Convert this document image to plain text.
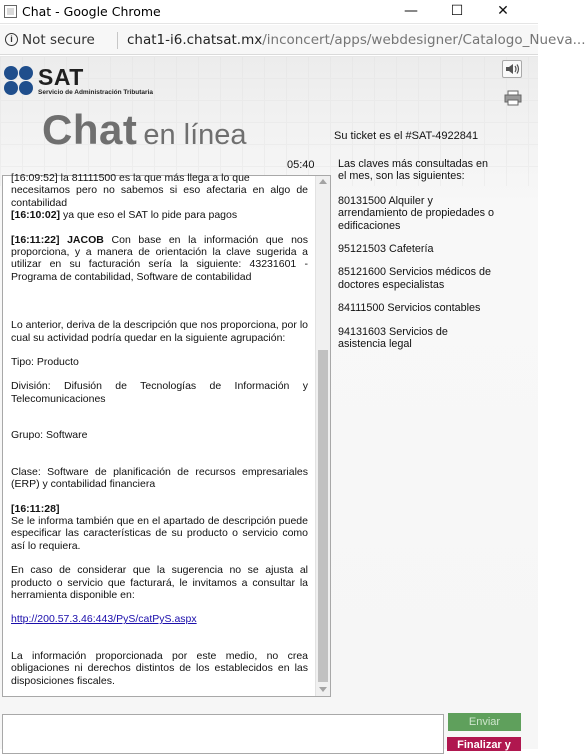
Chat - Google Chrome	—	☐	✕
i Not secure chat1-i6.chatsat.mx/inconcert/apps/webdesigner/Catalogo_Nueva...
SAT
Servicio de Administración Tributaria
Chat en línea	Su ticket es el #SAT-4922841
05:40

[16:09:52] la 81111500 es la que más llega a lo que

necesitamos pero no sabemos si eso afectaria en algo de contabilidad

[16:10:02] ya que eso el SAT lo pide para pagos

[16:11:22] JACOB Con base en la información que nos proporciona, y a manera de orientación la clave sugerida a utilizar en su facturación sería la siguiente: 43231601 - Programa de contabilidad, Software de contabilidad

Lo anterior, deriva de la descripción que nos proporciona, por lo cual su actividad podría quedar en la siguiente agrupación:

Tipo: Producto

División: Difusión de Tecnologías de Información y Telecomunicaciones

Grupo: Software

Clase: Software de planificación de recursos empresariales (ERP) y contabilidad financiera

[16:11:28]

Se le informa también que en el apartado de descripción puede especificar las características de su producto o servicio como así lo requiera.

En caso de considerar que la sugerencia no se ajusta al producto o servicio que facturará, le invitamos a consultar la herramienta disponible en:

http://200.57.3.46:443/PyS/catPyS.aspx

La información proporcionada por este medio, no crea obligaciones ni derechos distintos de los establecidos en las disposiciones fiscales.

Las claves más consultadas en el mes, son las siguientes:
80131500 Alquiler y arrendamiento de propiedades o edificaciones
95121503 Cafetería
85121600 Servicios médicos de doctores especialistas
84111500 Servicios contables
94131603 Servicios de asistencia legal
Enviar
Finalizar y
